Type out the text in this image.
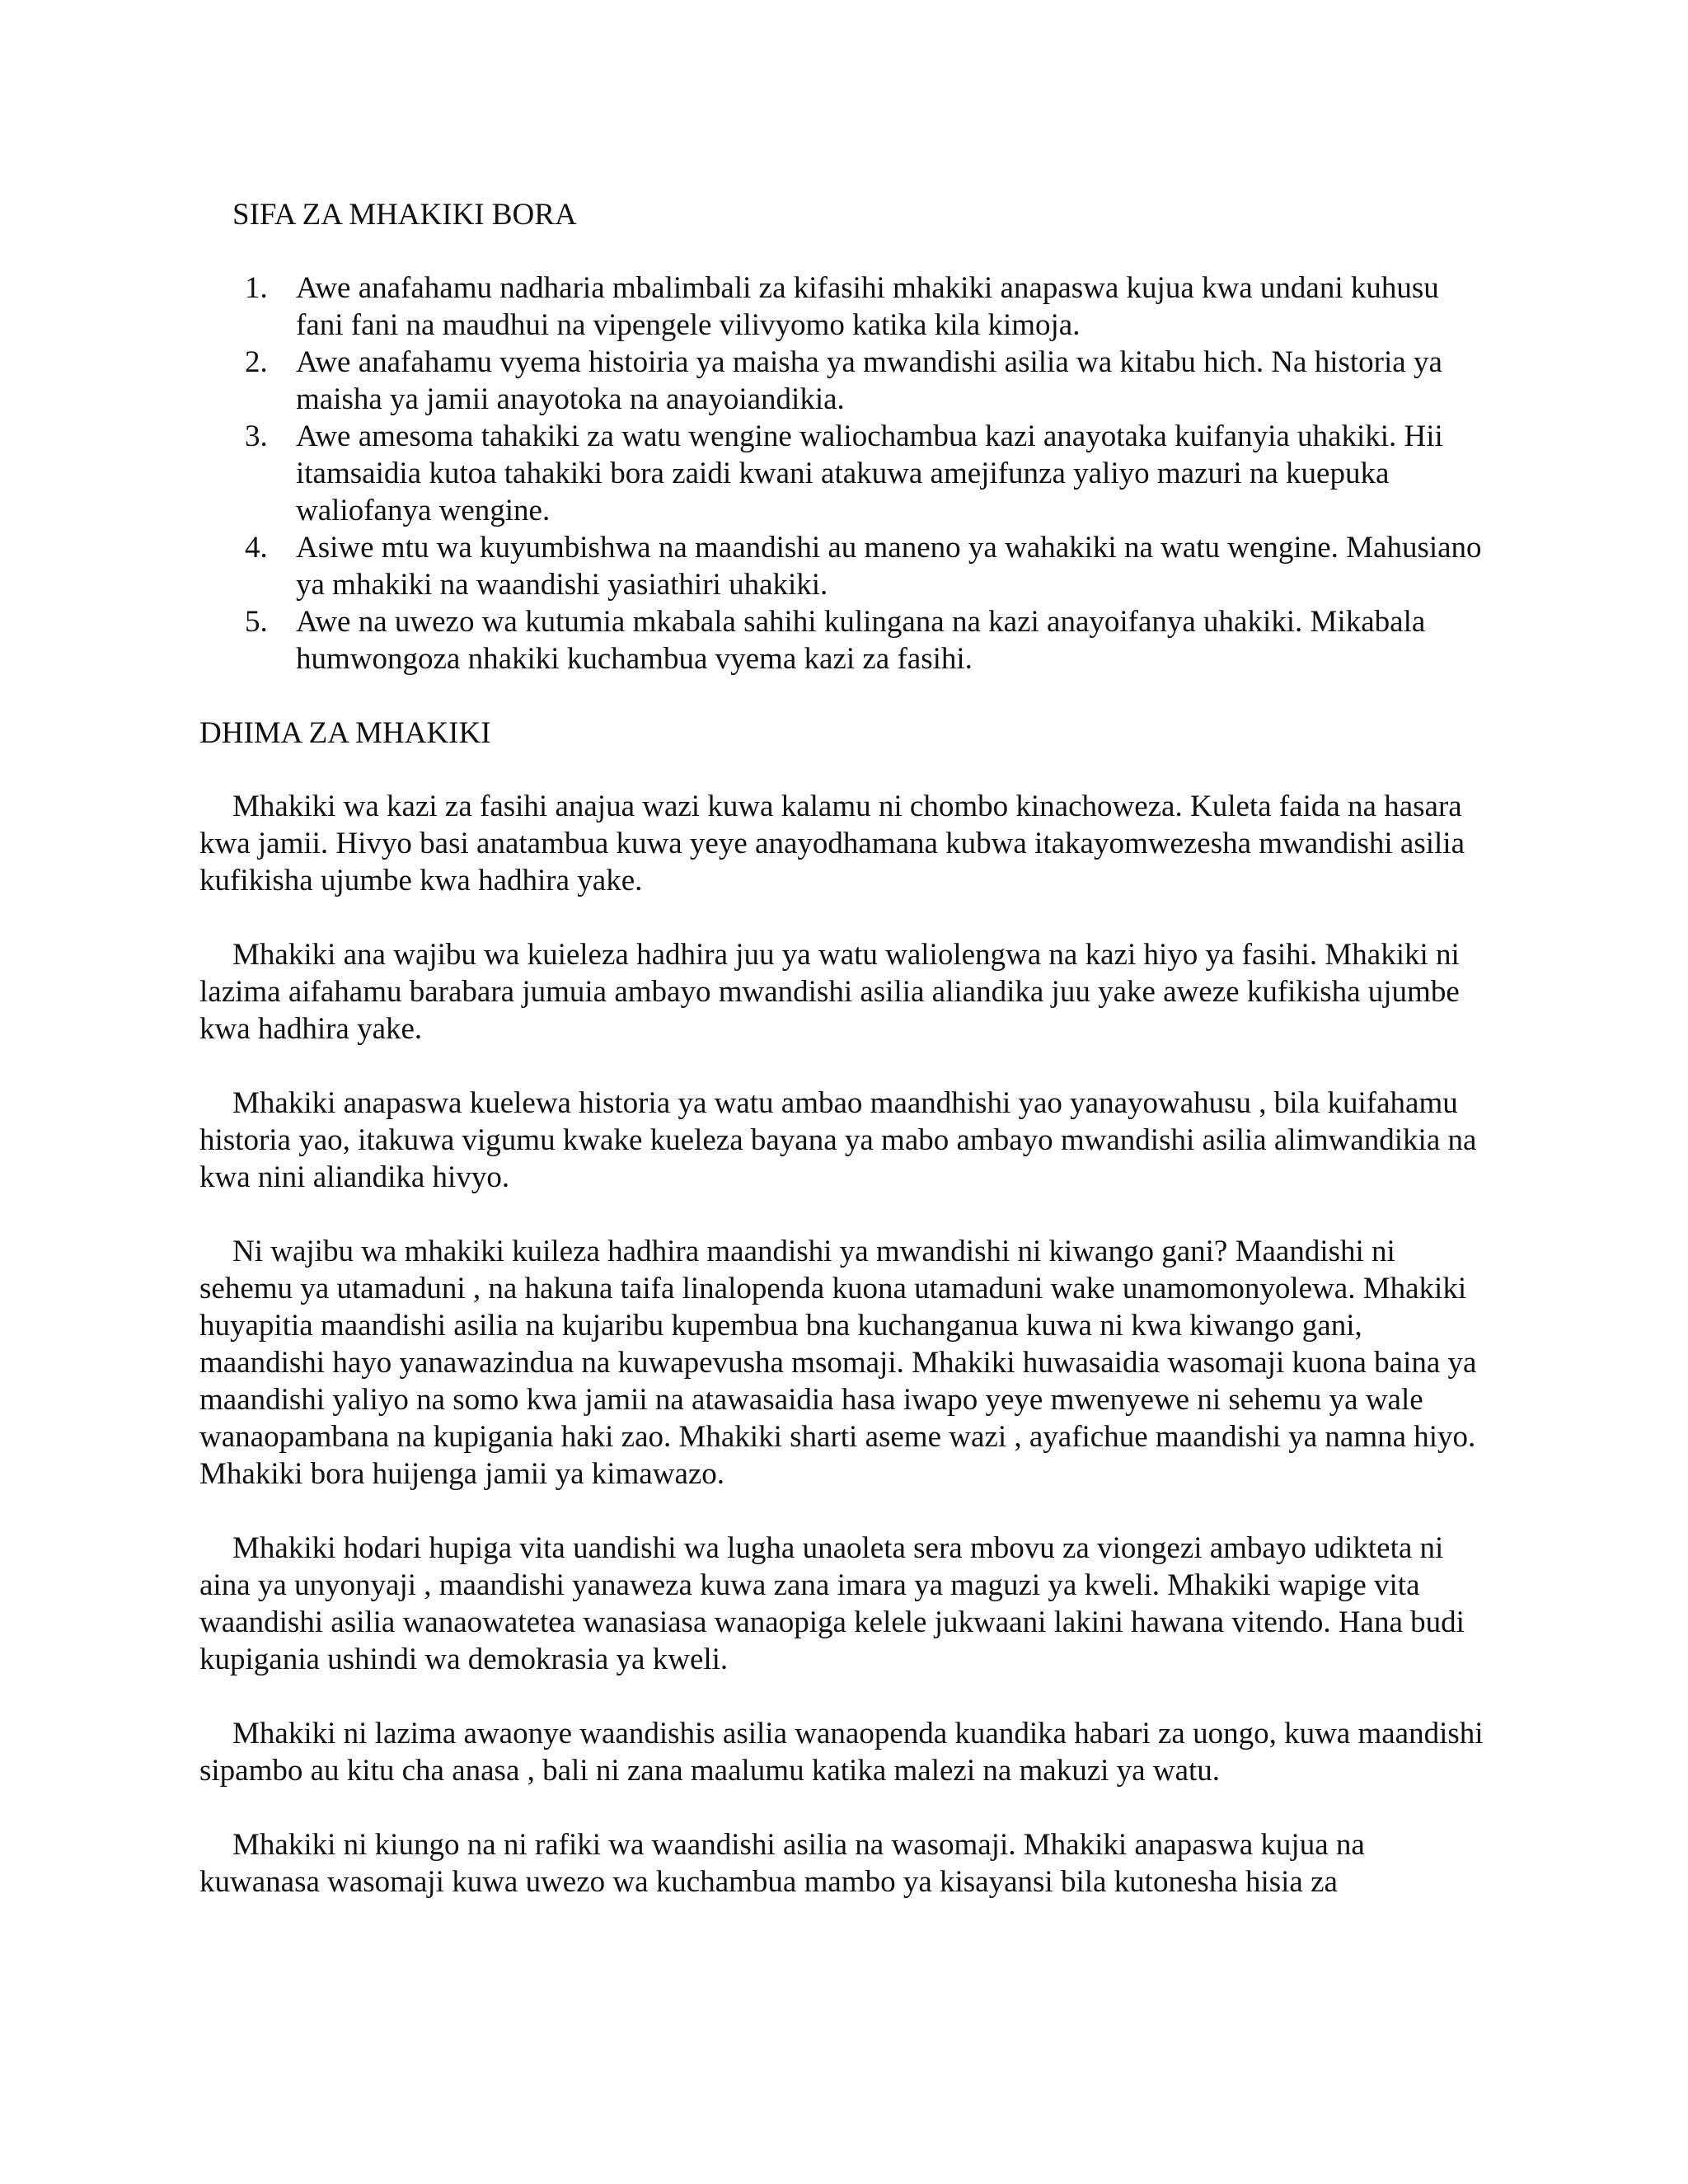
SIFA ZA MHAKIKI BORA
1. Awe anafahamu nadharia mbalimbali za kifasihi mhakiki anapaswa kujua kwa undani kuhusu fani fani na maudhui na vipengele vilivyomo katika kila kimoja.
2. Awe anafahamu vyema histoiria ya maisha ya mwandishi asilia wa kitabu hich. Na historia ya maisha ya jamii anayotoka na anayoiandikia.
3. Awe amesoma tahakiki za watu wengine waliochambua kazi anayotaka kuifanyia uhakiki. Hii itamsaidia kutoa tahakiki bora zaidi kwani atakuwa amejifunza yaliyo mazuri na kuepuka waliofanya wengine.
4. Asiwe mtu wa kuyumbishwa na maandishi au maneno ya wahakiki na watu wengine. Mahusiano ya mhakiki na waandishi yasiathiri uhakiki.
5. Awe na uwezo wa kutumia mkabala sahihi kulingana na kazi anayoifanya uhakiki. Mikabala humwongoza nhakiki kuchambua vyema kazi za fasihi.
DHIMA ZA MHAKIKI

Mhakiki wa kazi za fasihi anajua wazi kuwa kalamu ni chombo kinachoweza. Kuleta faida na hasara kwa jamii. Hivyo basi anatambua kuwa yeye anayodhamana kubwa itakayomwezesha mwandishi asilia kufikisha ujumbe kwa hadhira yake.

Mhakiki ana wajibu wa kuieleza hadhira juu ya watu waliolengwa na kazi hiyo ya fasihi. Mhakiki ni lazima aifahamu barabara jumuia ambayo mwandishi asilia aliandika juu yake aweze kufikisha ujumbe kwa hadhira yake.

Mhakiki anapaswa kuelewa historia ya watu ambao maandhishi yao yanayowahusu , bila kuifahamu historia yao, itakuwa vigumu kwake kueleza bayana ya mabo ambayo mwandishi asilia alimwandikia na kwa nini aliandika hivyo.

Ni wajibu wa mhakiki kuileza hadhira maandishi ya mwandishi ni kiwango gani? Maandishi ni sehemu ya utamaduni , na hakuna taifa linalopenda kuona utamaduni wake unamomonyolewa. Mhakiki huyapitia maandishi asilia na kujaribu kupembua bna kuchanganua kuwa ni kwa kiwango gani, maandishi hayo yanawazindua na kuwapevusha msomaji. Mhakiki huwasaidia wasomaji kuona baina ya maandishi yaliyo na somo kwa jamii na atawasaidia hasa iwapo yeye mwenyewe ni sehemu ya wale wanaopambana na kupigania haki zao. Mhakiki sharti aseme wazi , ayafichue maandishi ya namna hiyo. Mhakiki bora huijenga jamii ya kimawazo.

Mhakiki hodari hupiga vita uandishi wa lugha unaoleta sera mbovu za viongezi ambayo udikteta ni aina ya unyonyaji , maandishi yanaweza kuwa zana imara ya maguzi ya kweli. Mhakiki wapige vita waandishi asilia wanaowatetea wanasiasa wanaopiga kelele jukwaani lakini hawana vitendo. Hana budi kupigania ushindi wa demokrasia ya kweli.

Mhakiki ni lazima awaonye waandishis asilia wanaopenda kuandika habari za uongo, kuwa maandishi sipambo au kitu cha anasa , bali ni zana maalumu katika malezi na makuzi ya watu.

Mhakiki ni kiungo na ni rafiki wa waandishi asilia na wasomaji. Mhakiki anapaswa kujua na kuwanasa wasomaji kuwa uwezo wa kuchambua mambo ya kisayansi bila kutonesha hisia za
